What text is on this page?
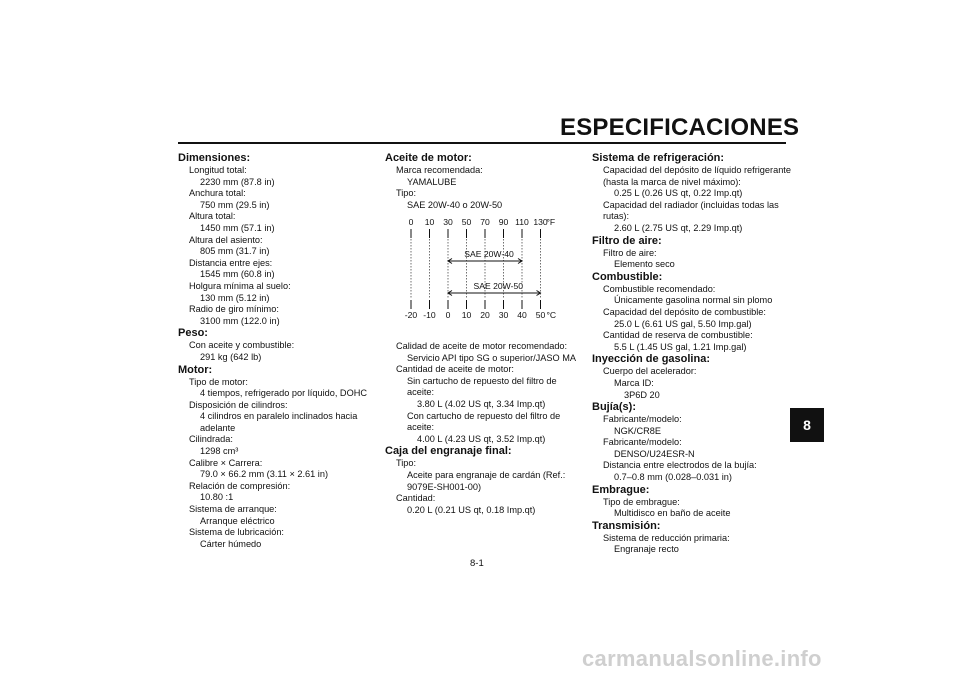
ESPECIFICACIONES
Dimensiones:
Longitud total:
2230 mm (87.8 in)
Anchura total:
750 mm (29.5 in)
Altura total:
1450 mm (57.1 in)
Altura del asiento:
805 mm (31.7 in)
Distancia entre ejes:
1545 mm (60.8 in)
Holgura mínima al suelo:
130 mm (5.12 in)
Radio de giro mínimo:
3100 mm (122.0 in)
Peso:
Con aceite y combustible:
291 kg (642 lb)
Motor:
Tipo de motor:
4 tiempos, refrigerado por líquido, DOHC
Disposición de cilindros:
4 cilindros en paralelo inclinados hacia
adelante
Cilindrada:
1298 cm³
Calibre × Carrera:
79.0 × 66.2 mm (3.11 × 2.61 in)
Relación de compresión:
10.80 :1
Sistema de arranque:
Arranque eléctrico
Sistema de lubricación:
Cárter húmedo
Aceite de motor:
Marca recomendada:
YAMALUBE
Tipo:
SAE 20W-40 o 20W-50
0
-20
10
-10
30
0
50
10
70
20
90
30
110
40
130
50
°F
°C
SAE 20W-40
SAE 20W-50
Calidad de aceite de motor recomendado:
Servicio API tipo SG o superior/JASO MA
Cantidad de aceite de motor:
Sin cartucho de repuesto del filtro de
aceite:
3.80 L (4.02 US qt, 3.34 Imp.qt)
Con cartucho de repuesto del filtro de
aceite:
4.00 L (4.23 US qt, 3.52 Imp.qt)
Caja del engranaje final:
Tipo:
Aceite para engranaje de cardán (Ref.:
9079E-SH001-00)
Cantidad:
0.20 L (0.21 US qt, 0.18 Imp.qt)
Sistema de refrigeración:
Capacidad del depósito de líquido refrigerante
(hasta la marca de nivel máximo):
0.25 L (0.26 US qt, 0.22 Imp.qt)
Capacidad del radiador (incluidas todas las
rutas):
2.60 L (2.75 US qt, 2.29 Imp.qt)
Filtro de aire:
Filtro de aire:
Elemento seco
Combustible:
Combustible recomendado:
Únicamente gasolina normal sin plomo
Capacidad del depósito de combustible:
25.0 L (6.61 US gal, 5.50 Imp.gal)
Cantidad de reserva de combustible:
5.5 L (1.45 US gal, 1.21 Imp.gal)
Inyección de gasolina:
Cuerpo del acelerador:
Marca ID:
3P6D 20
Bujía(s):
Fabricante/modelo:
NGK/CR8E
Fabricante/modelo:
DENSO/U24ESR-N
Distancia entre electrodos de la bujía:
0.7–0.8 mm (0.028–0.031 in)
Embrague:
Tipo de embrague:
Multidisco en baño de aceite
Transmisión:
Sistema de reducción primaria:
Engranaje recto
8
8-1
carmanualsonline.info
